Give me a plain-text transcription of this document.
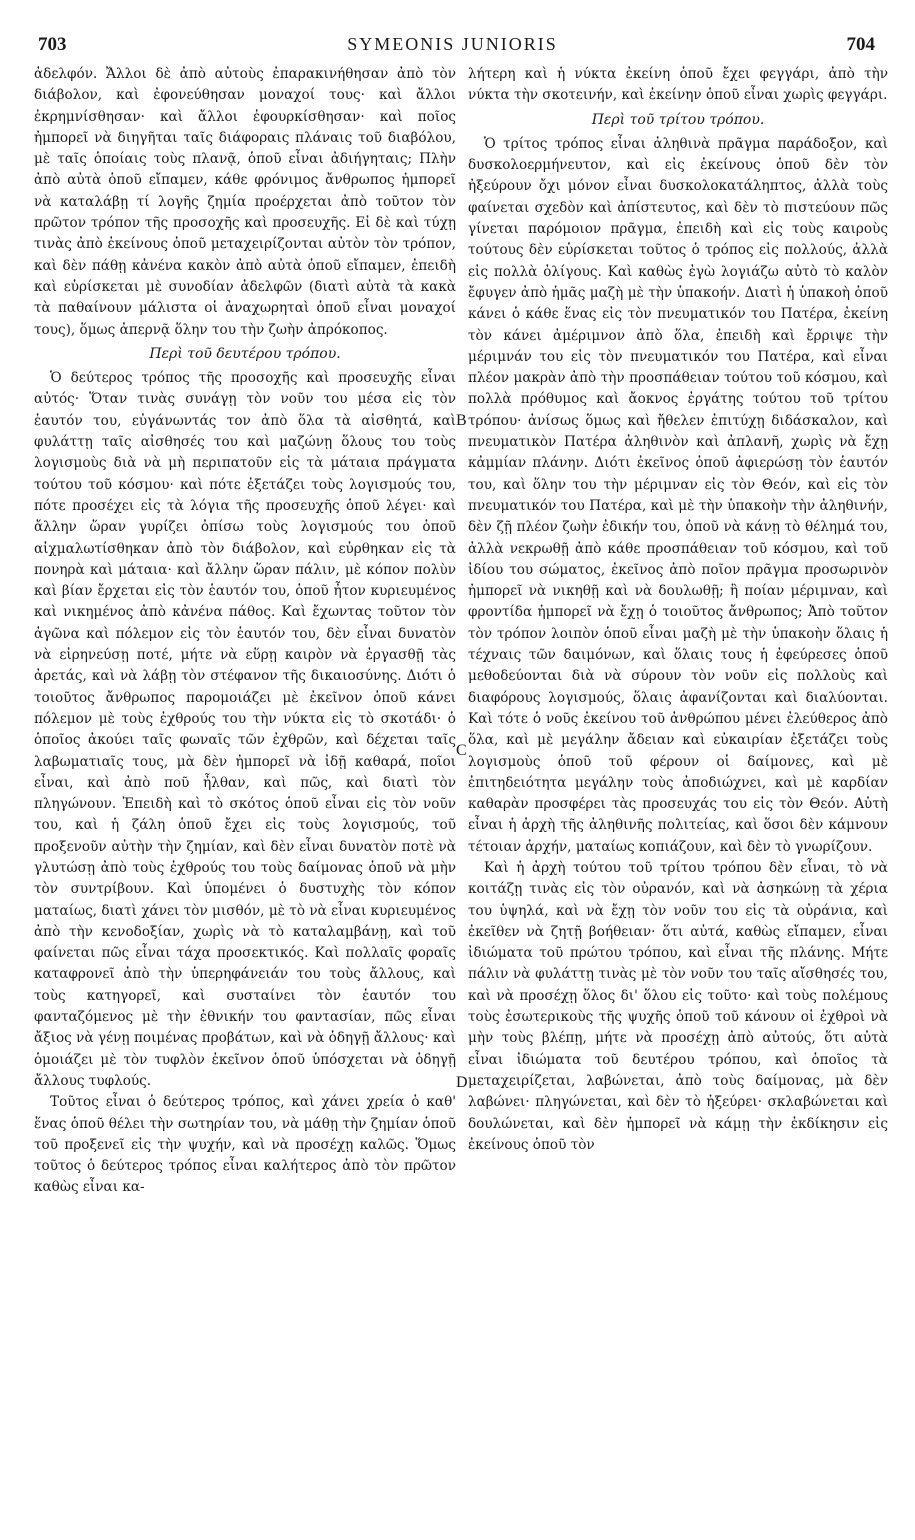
703	SYMEONIS JUNIORIS	704

ἀδελφόν. Ἄλλοι δὲ ἀπὸ αὐτοὺς ἐπαρακινήθησαν ἀπὸ τὸν διάβολον, καὶ ἐφονεύθησαν μοναχοί τους· καὶ ἄλλοι ἐκρημνίσθησαν· καὶ ἄλλοι ἐφουρκίσθησαν· καὶ ποῖος ἠμπορεῖ νὰ διηγῆται ταῖς διάφοραις πλάναις τοῦ διαβόλου, μὲ ταῖς ὁποίαις τοὺς πλανᾷ, ὁποῦ εἶναι ἀδιήγηταις; Πλὴν ἀπὸ αὐτὰ ὁποῦ εἴπαμεν, κάθε φρόνιμος ἄνθρωπος ἠμπορεῖ νὰ καταλάβῃ τί λογῆς ζημία προέρχεται ἀπὸ τοῦτον τὸν πρῶτον τρόπον τῆς προσοχῆς καὶ προσευχῆς. Εἰ δὲ καὶ τύχῃ τινὰς ἀπὸ ἐκείνους ὁποῦ μεταχειρίζονται αὐτὸν τὸν τρόπον, καὶ δὲν πάθῃ κἀνένα κακὸν ἀπὸ αὐτὰ ὁποῦ εἴπαμεν, ἐπειδὴ καὶ εὑρίσκεται μὲ συνοδίαν ἀδελφῶν (διατὶ αὐτὰ τὰ κακὰ τὰ παθαίνουν μάλιστα οἱ ἀναχωρηταὶ ὁποῦ εἶναι μοναχοί τους), ὅμως ἀπερνᾷ ὅλην του τὴν ζωὴν ἀπρόκοπος.

Περὶ τοῦ δευτέρου τρόπου.

Ὁ δεύτερος τρόπος τῆς προσοχῆς καὶ προσευχῆς εἶναι αὐτός· Ὅταν τινὰς συνάγῃ τὸν νοῦν του μέσα εἰς τὸν ἑαυτόν του, εὐγάνωντάς τον ἀπὸ ὅλα τὰ αἰσθητά, καὶ φυλάττῃ ταῖς αἰσθησές του καὶ μαζώνῃ ὅλους του τοὺς λογισμοὺς διὰ νὰ μὴ περιπατοῦν εἰς τὰ μάταια πράγματα τούτου τοῦ κόσμου· καὶ πότε ἐξετάζει τοὺς λογισμούς του, πότε προσέχει εἰς τὰ λόγια τῆς προσευχῆς ὁποῦ λέγει· καὶ ἄλλην ὥραν γυρίζει ὀπίσω τοὺς λογισμούς του ὁποῦ αἰχμαλωτίσθηκαν ἀπὸ τὸν διάβολον, καὶ εὐρθηκαν εἰς τὰ πονηρὰ καὶ μάταια· καὶ ἄλλην ὥραν πάλιν, μὲ κόπον πολὺν καὶ βίαν ἔρχεται εἰς τὸν ἑαυτόν του, ὁποῦ ἦτον κυριευμένος καὶ νικημένος ἀπὸ κἀνένα πάθος. Καὶ ἔχωντας τοῦτον τὸν ἀγῶνα καὶ πόλεμον εἰς τὸν ἑαυτόν του, δὲν εἶναι δυνατὸν νὰ εἰρηνεύσῃ ποτέ, μήτε νὰ εὕρῃ καιρὸν νὰ ἐργασθῇ τὰς ἀρετάς, καὶ νὰ λάβῃ τὸν στέφανον τῆς δικαιοσύνης. Διότι ὁ τοιοῦτος ἄνθρωπος παρομοιάζει μὲ ἐκεῖνον ὁποῦ κάνει πόλεμον μὲ τοὺς ἐχθρούς του τὴν νύκτα εἰς τὸ σκοτάδι· ὁ ὁποῖος ἀκούει ταῖς φωναῖς τῶν ἐχθρῶν, καὶ δέχεται ταῖς λαβωματιαῖς τους, μὰ δὲν ἠμπορεῖ νὰ ἰδῇ καθαρά, ποῖοι εἶναι, καὶ ἀπὸ ποῦ ἦλθαν, καὶ πῶς, καὶ διατὶ τὸν πληγώνουν. Ἐπειδὴ καὶ τὸ σκότος ὁποῦ εἶναι εἰς τὸν νοῦν του, καὶ ἡ ζάλη ὁποῦ ἔχει εἰς τοὺς λογισμούς, τοῦ προξενοῦν αὐτὴν τὴν ζημίαν, καὶ δὲν εἶναι δυνατὸν ποτὲ νὰ γλυτώσῃ ἀπὸ τοὺς ἐχθρούς του τοὺς δαίμονας ὁποῦ νὰ μὴν τὸν συντρίβουν. Καὶ ὑπομένει ὁ δυστυχὴς τὸν κόπον ματαίως, διατὶ χάνει τὸν μισθόν, μὲ τὸ νὰ εἶναι κυριευμένος ἀπὸ τὴν κενοδοξίαν, χωρὶς νὰ τὸ καταλαμβάνῃ, καὶ τοῦ φαίνεται πῶς εἶναι τάχα προσεκτικός. Καὶ πολλαῖς φοραῖς καταφρονεῖ ἀπὸ τὴν ὑπερηφάνειάν του τοὺς ἄλλους, καὶ τοὺς κατηγορεῖ, καὶ συσταίνει τὸν ἑαυτόν του φανταζόμενος μὲ τὴν ἐθνικήν του φαντασίαν, πῶς εἶναι ἄξιος νὰ γένῃ ποιμένας προβάτων, καὶ νὰ ὁδηγῇ ἄλλους· καὶ ὁμοιάζει μὲ τὸν τυφλὸν ἐκεῖνον ὁποῦ ὑπόσχεται νὰ ὁδηγῇ ἄλλους τυφλούς.

Τοῦτος εἶναι ὁ δεύτερος τρόπος, καὶ χάνει χρεία ὁ καθ' ἕνας ὁποῦ θέλει τὴν σωτηρίαν του, νὰ μάθῃ τὴν ζημίαν ὁποῦ τοῦ προξενεῖ εἰς τὴν ψυχήν, καὶ νὰ προσέχῃ καλῶς. Ὅμως τοῦτος ὁ δεύτερος τρόπος εἶναι καλήτερος ἀπὸ τὸν πρῶτον καθὼς εἶναι κα-

λήτερη καὶ ἡ νύκτα ἐκείνη ὁποῦ ἔχει φεγγάρι, ἀπὸ τὴν νύκτα τὴν σκοτεινήν, καὶ ἐκείνην ὁποῦ εἶναι χωρὶς φεγγάρι.

Περὶ τοῦ τρίτου τρόπου.

Ὁ τρίτος τρόπος εἶναι ἀληθινὰ πρᾶγμα παράδοξον, καὶ δυσκολοερμήνευτον, καὶ εἰς ἐκείνους ὁποῦ δὲν τὸν ἠξεύρουν ὄχι μόνον εἶναι δυσκολοκατάληπτος, ἀλλὰ τοὺς φαίνεται σχεδὸν καὶ ἀπίστευτος, καὶ δὲν τὸ πιστεύουν πῶς γίνεται παρόμοιον πρᾶγμα, ἐπειδὴ καὶ εἰς τοὺς καιροὺς τούτους δὲν εὑρίσκεται τοῦτος ὁ τρόπος εἰς πολλούς, ἀλλὰ εἰς πολλὰ ὀλίγους. Καὶ καθὼς ἐγὼ λογιάζω αὐτὸ τὸ καλὸν ἔφυγεν ἀπὸ ἡμᾶς μαζὴ μὲ τὴν ὑπακοήν. Διατὶ ἡ ὑπακοὴ ὁποῦ κάνει ὁ κάθε ἕνας εἰς τὸν πνευματικόν του Πατέρα, ἐκείνη τὸν κάνει ἀμέριμνον ἀπὸ ὅλα, ἐπειδὴ καὶ ἔρριψε τὴν μέριμνάν του εἰς τὸν πνευματικόν του Πατέρα, καὶ εἶναι πλέον μακρὰν ἀπὸ τὴν προσπάθειαν τούτου τοῦ κόσμου, καὶ πολλὰ πρόθυμος καὶ ἄοκνος ἐργάτης τούτου τοῦ τρίτου τρόπου· ἀνίσως ὅμως καὶ ἤθελεν ἐπιτύχῃ διδάσκαλον, καὶ πνευματικὸν Πατέρα ἀληθινὸν καὶ ἀπλανῆ, χωρὶς νὰ ἔχῃ κἀμμίαν πλάνην. Διότι ἐκεῖνος ὁποῦ ἀφιερώσῃ τὸν ἑαυτόν του, καὶ ὅλην του τὴν μέριμναν εἰς τὸν Θεόν, καὶ εἰς τὸν πνευματικόν του Πατέρα, καὶ μὲ τὴν ὑπακοὴν τὴν ἀληθινήν, δὲν ζῇ πλέον ζωὴν ἐδικήν του, ὁποῦ νὰ κάνῃ τὸ θέλημά του, ἀλλὰ νεκρωθῇ ἀπὸ κάθε προσπάθειαν τοῦ κόσμου, καὶ τοῦ ἰδίου του σώματος, ἐκεῖνος ἀπὸ ποῖον πρᾶγμα προσωρινὸν ἠμπορεῖ νὰ νικηθῇ καὶ νὰ δουλωθῇ; ἢ ποίαν μέριμναν, καὶ φροντίδα ἠμπορεῖ νὰ ἔχῃ ὁ τοιοῦτος ἄνθρωπος; Ἀπὸ τοῦτον τὸν τρόπον λοιπὸν ὁποῦ εἶναι μαζὴ μὲ τὴν ὑπακοὴν ὅλαις ἡ τέχναις τῶν δαιμόνων, καὶ ὅλαις τους ἡ ἐφεύρεσες ὁποῦ μεθοδεύονται διὰ νὰ σύρουν τὸν νοῦν εἰς πολλοὺς καὶ διαφόρους λογισμούς, ὅλαις ἀφανίζονται καὶ διαλύονται. Καὶ τότε ὁ νοῦς ἐκείνου τοῦ ἀνθρώπου μένει ἐλεύθερος ἀπὸ ὅλα, καὶ μὲ μεγάλην ἄδειαν καὶ εὐκαιρίαν ἐξετάζει τοὺς λογισμοὺς ὁποῦ τοῦ φέρουν οἱ δαίμονες, καὶ μὲ ἐπιτηδειότητα μεγάλην τοὺς ἀποδιώχνει, καὶ μὲ καρδίαν καθαρὰν προσφέρει τὰς προσευχάς του εἰς τὸν Θεόν. Αὐτὴ εἶναι ἡ ἀρχὴ τῆς ἀληθινῆς πολιτείας, καὶ ὅσοι δὲν κάμνουν τέτοιαν ἀρχήν, ματαίως κοπιάζουν, καὶ δὲν τὸ γνωρίζουν.

Καὶ ἡ ἀρχὴ τούτου τοῦ τρίτου τρόπου δὲν εἶναι, τὸ νὰ κοιτάζῃ τινὰς εἰς τὸν οὐρανόν, καὶ νὰ ἀσηκώνῃ τὰ χέρια του ὑψηλά, καὶ νὰ ἔχῃ τὸν νοῦν του εἰς τὰ οὐράνια, καὶ ἐκεῖθεν νὰ ζητῇ βοήθειαν· ὅτι αὐτά, καθὼς εἴπαμεν, εἶναι ἰδιώματα τοῦ πρώτου τρόπου, καὶ εἶναι τῆς πλάνης. Μήτε πάλιν νὰ φυλάττῃ τινὰς μὲ τὸν νοῦν του ταῖς αἴσθησές του, καὶ νὰ προσέχῃ ὅλος δι' ὅλου εἰς τοῦτο· καὶ τοὺς πολέμους τοὺς ἐσωτερικοὺς τῆς ψυχῆς ὁποῦ τοῦ κάνουν οἱ ἐχθροὶ νὰ μὴν τοὺς βλέπῃ, μήτε νὰ προσέχῃ ἀπὸ αὐτούς, ὅτι αὐτὰ εἶναι ἰδιώματα τοῦ δευτέρου τρόπου, καὶ ὁποῖος τὰ μεταχειρίζεται, λαβώνεται, ἀπὸ τοὺς δαίμονας, μὰ δὲν λαβώνει· πληγώνεται, καὶ δὲν τὸ ἠξεύρει· σκλαβώνεται καὶ δουλώνεται, καὶ δὲν ἠμπορεῖ νὰ κάμῃ τὴν ἐκδίκησιν εἰς ἐκείνους ὁποῦ τὸν

B
C
D
